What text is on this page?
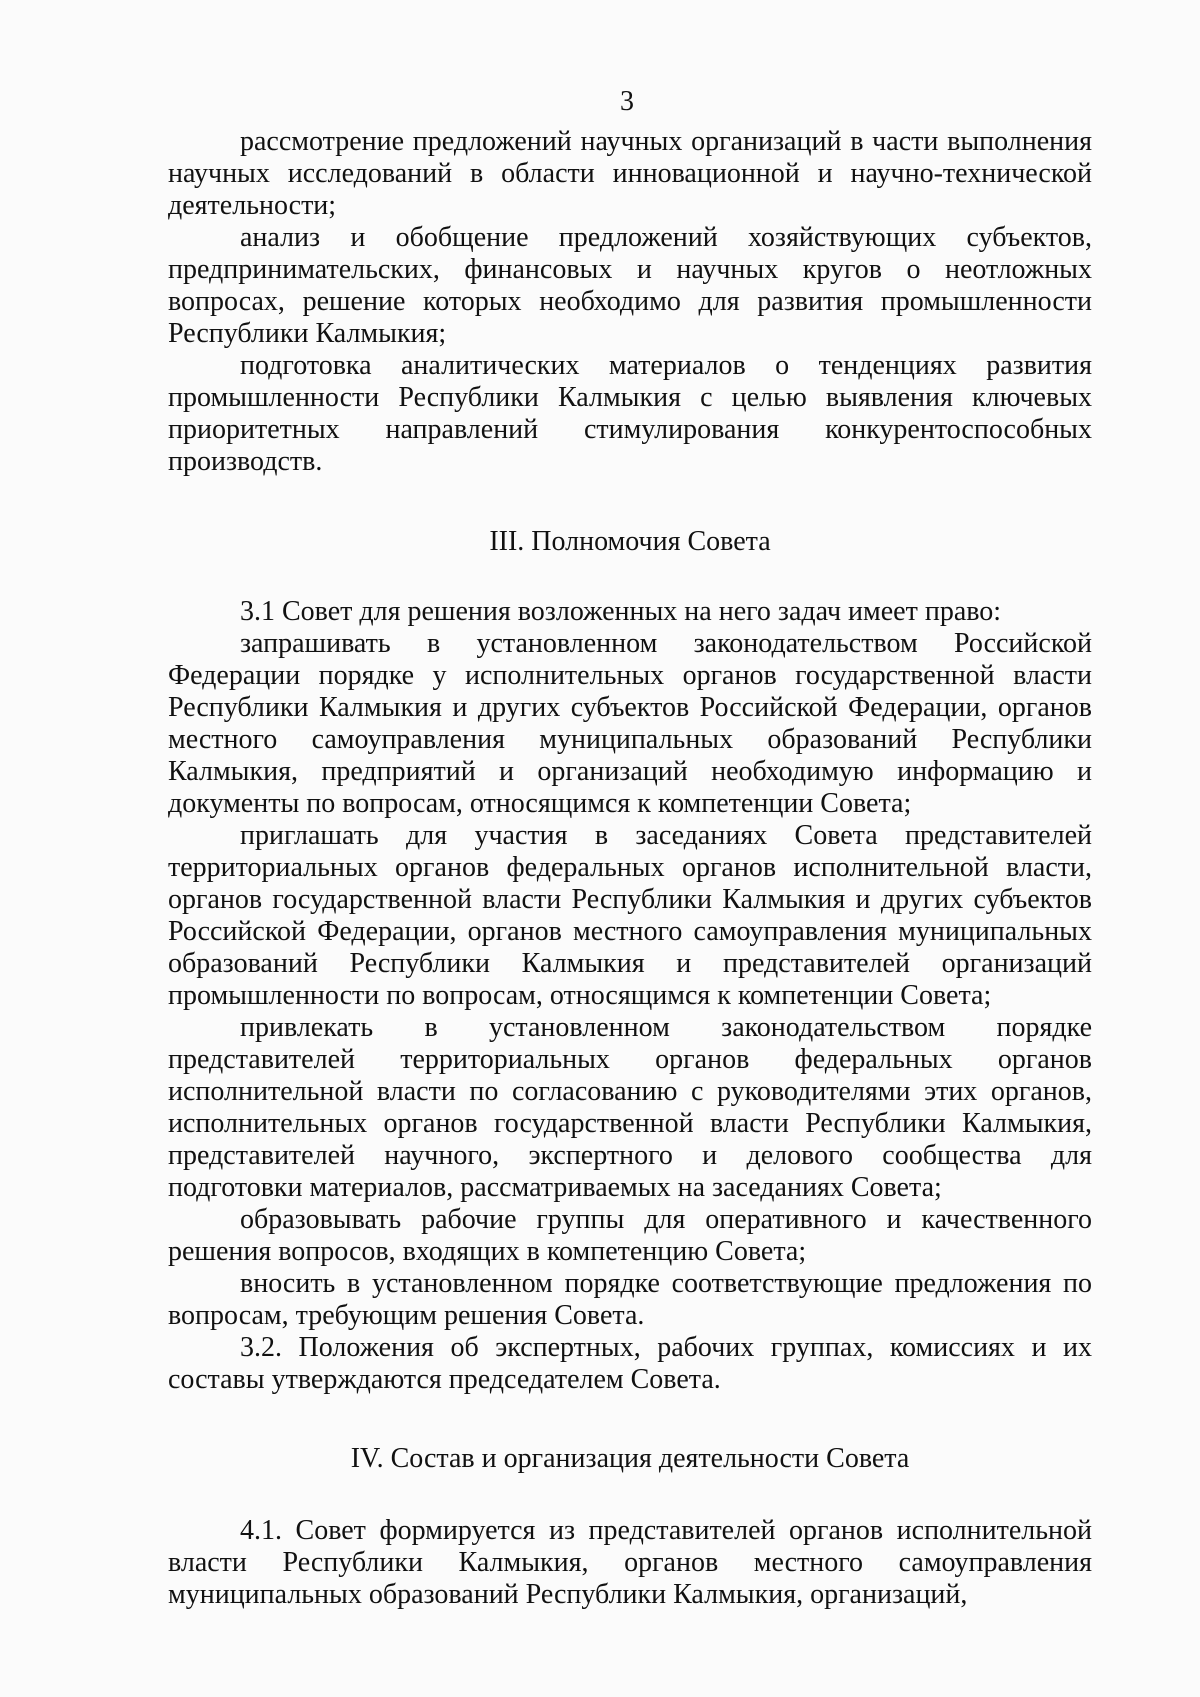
3

рассмотрение предложений научных организаций в части выполнения научных исследований в области инновационной и научно-технической деятельности;

анализ и обобщение предложений хозяйствующих субъектов, предпринимательских, финансовых и научных кругов о неотложных вопросах, решение которых необходимо для развития промышленности Республики Калмыкия;

подготовка аналитических материалов о тенденциях развития промышленности Республики Калмыкия с целью выявления ключевых приоритетных направлений стимулирования конкурентоспособных производств.

III. Полномочия Совета

3.1 Совет для решения возложенных на него задач имеет право:

запрашивать в установленном законодательством Российской Федерации порядке у исполнительных органов государственной власти Республики Калмыкия и других субъектов Российской Федерации, органов местного самоуправления муниципальных образований Республики Калмыкия, предприятий и организаций необходимую информацию и документы по вопросам, относящимся к компетенции Совета;

приглашать для участия в заседаниях Совета представителей территориальных органов федеральных органов исполнительной власти, органов государственной власти Республики Калмыкия и других субъектов Российской Федерации, органов местного самоуправления муниципальных образований Республики Калмыкия и представителей организаций промышленности по вопросам, относящимся к компетенции Совета;

привлекать в установленном законодательством порядке представителей территориальных органов федеральных органов исполнительной власти по согласованию с руководителями этих органов, исполнительных органов государственной власти Республики Калмыкия, представителей научного, экспертного и делового сообщества для подготовки материалов, рассматриваемых на заседаниях Совета;

образовывать рабочие группы для оперативного и качественного решения вопросов, входящих в компетенцию Совета;

вносить в установленном порядке соответствующие предложения по вопросам, требующим решения Совета.

3.2. Положения об экспертных, рабочих группах, комиссиях и их составы утверждаются председателем Совета.

IV. Состав и организация деятельности Совета

4.1. Совет формируется из представителей органов исполнительной власти Республики Калмыкия, органов местного самоуправления муниципальных образований Республики Калмыкия, организаций,
